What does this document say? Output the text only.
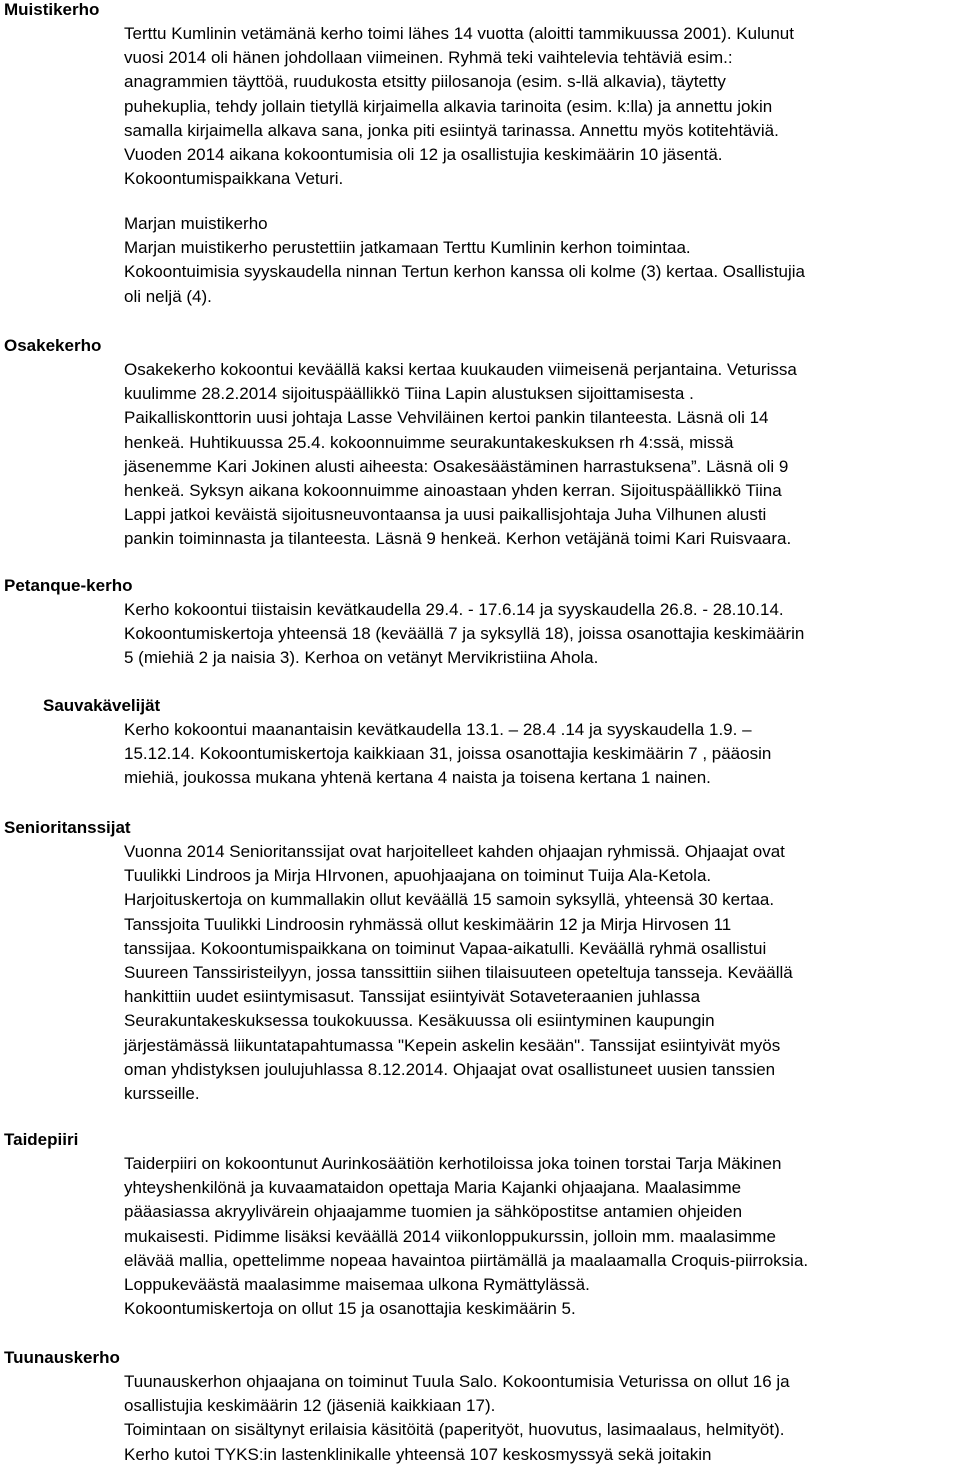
Muistikerho
Terttu Kumlinin vetämänä kerho toimi lähes 14 vuotta (aloitti tammikuussa 2001). Kulunut
vuosi 2014 oli hänen johdollaan viimeinen. Ryhmä teki vaihtelevia tehtäviä esim.:
anagrammien täyttöä, ruudukosta etsitty piilosanoja (esim. s-llä alkavia), täytetty
puhekuplia, tehdy jollain tietyllä kirjaimella alkavia tarinoita (esim. k:lla) ja annettu jokin
samalla kirjaimella alkava sana, jonka piti esiintyä tarinassa. Annettu myös kotitehtäviä.
Vuoden 2014 aikana kokoontumisia oli 12 ja osallistujia keskimäärin 10 jäsentä.
Kokoontumispaikkana Veturi.
Marjan muistikerho
Marjan muistikerho perustettiin jatkamaan Terttu Kumlinin kerhon toimintaa.
Kokoontuimisia syyskaudella ninnan Tertun kerhon kanssa oli kolme (3) kertaa. Osallistujia
oli neljä (4).
Osakekerho
Osakekerho kokoontui keväällä kaksi kertaa kuukauden viimeisenä perjantaina. Veturissa
kuulimme 28.2.2014 sijoituspäällikkö Tiina Lapin alustuksen sijoittamisesta .
Paikalliskonttorin uusi johtaja Lasse Vehviläinen kertoi pankin tilanteesta. Läsnä oli 14
henkeä. Huhtikuussa 25.4. kokoonnuimme seurakuntakeskuksen rh 4:ssä, missä
jäsenemme Kari Jokinen alusti aiheesta: Osakesäästäminen harrastuksena”. Läsnä oli 9
henkeä. Syksyn aikana kokoonnuimme ainoastaan yhden kerran. Sijoituspäällikkö Tiina
Lappi jatkoi keväistä sijoitusneuvontaansa ja uusi paikallisjohtaja Juha Vilhunen alusti
pankin toiminnasta ja tilanteesta. Läsnä 9 henkeä. Kerhon vetäjänä toimi Kari Ruisvaara.
Petanque-kerho
Kerho kokoontui tiistaisin kevätkaudella 29.4. - 17.6.14 ja syyskaudella 26.8. - 28.10.14.
Kokoontumiskertoja yhteensä 18 (keväällä 7 ja syksyllä 18), joissa osanottajia keskimäärin
5 (miehiä 2 ja naisia 3). Kerhoa on vetänyt Mervikristiina Ahola.
Sauvakävelijät
Kerho kokoontui maanantaisin kevätkaudella 13.1. – 28.4 .14 ja syyskaudella 1.9. –
15.12.14. Kokoontumiskertoja kaikkiaan 31, joissa osanottajia keskimäärin 7 , pääosin
miehiä, joukossa mukana yhtenä kertana 4 naista ja toisena kertana 1 nainen.
Senioritanssijat
Vuonna 2014 Senioritanssijat ovat harjoitelleet kahden ohjaajan ryhmissä. Ohjaajat ovat
Tuulikki Lindroos ja Mirja HIrvonen, apuohjaajana on toiminut Tuija Ala-Ketola.
Harjoituskertoja on kummallakin ollut keväällä 15 samoin syksyllä, yhteensä 30 kertaa.
Tanssjoita Tuulikki Lindroosin ryhmässä ollut keskimäärin 12 ja Mirja Hirvosen 11
tanssijaa. Kokoontumispaikkana on toiminut Vapaa-aikatulli. Keväällä ryhmä osallistui
Suureen Tanssiristeilyyn, jossa tanssittiin siihen tilaisuuteen opeteltuja tansseja. Keväällä
hankittiin uudet esiintymisasut. Tanssijat esiintyivät Sotaveteraanien juhlassa
Seurakuntakeskuksessa toukokuussa. Kesäkuussa oli esiintyminen kaupungin
järjestämässä liikuntatapahtumassa "Kepein askelin kesään". Tanssijat esiintyivät myös
oman yhdistyksen joulujuhlassa 8.12.2014. Ohjaajat ovat osallistuneet uusien tanssien
kursseille.
Taidepiiri
Taiderpiiri on kokoontunut Aurinkosäätiön kerhotiloissa joka toinen torstai Tarja Mäkinen
yhteyshenkilönä ja kuvaamataidon opettaja Maria Kajanki ohjaajana. Maalasimme
pääasiassa akryylivärein ohjaajamme tuomien ja sähköpostitse antamien ohjeiden
mukaisesti. Pidimme lisäksi keväällä 2014 viikonloppukurssin, jolloin mm. maalasimme
elävää mallia, opettelimme nopeaa havaintoa piirtämällä ja maalaamalla Croquis-piirroksia.
Loppukeväästä maalasimme maisemaa ulkona Rymättylässä.
Kokoontumiskertoja on ollut 15 ja osanottajia keskimäärin 5.
Tuunauskerho
Tuunauskerhon ohjaajana on toiminut Tuula Salo. Kokoontumisia Veturissa on ollut 16 ja
osallistujia keskimäärin 12 (jäseniä kaikkiaan 17).
Toimintaan on sisältynyt erilaisia käsitöitä (paperityöt, huovutus, lasimaalaus, helmityöt).
Kerho kutoi TYKS:in lastenklinikalle yhteensä 107 keskosmyssyä sekä joitakin
